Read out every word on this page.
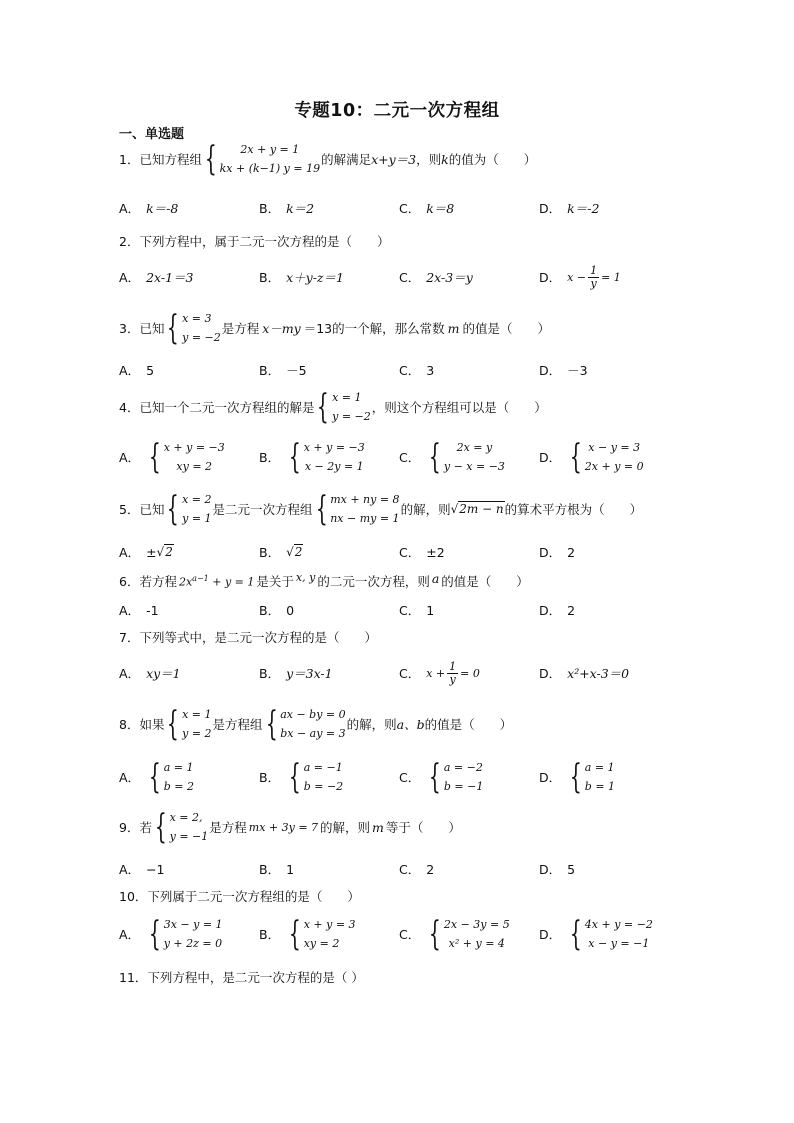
专题10：二元一次方程组
一、单选题
1． 已知方程组 {	2x + y = 1
kx + (k−1) y = 19
的解满足 x+y＝3 ，则 k 的值为（　　）
A． k＝-8	B． k＝2	C． k＝8	D． k＝-2
2． 下列方程中，属于二元一次方程的是（　　）
A． 2x-1＝3	B． x＋y-z＝1	C． 2x-3＝y	D． $x - \frac{1}{y} = 1$
3． 已知 { x = 3
y = −2
是方程 x－my ＝13的一个解，那么常数 m 的值是（　　）
A． 5	B． －5	C． 3	D． －3
4． 已知一个二元一次方程组的解是 { x = 1
y = −2
，则这个方程组可以是（　　）
A． { x + y = −3
xy = 2
B． { x + y = −3
x − 2y = 1
C． {	2x = y
y − x = −3
D． { x − y = 3
2x + y = 0
5． 已知 { x = 2
y = 1
是二元一次方程组 { mx + ny = 8
nx − my = 1
的解，则 √2m − n 的算术平方根为（　　）
A． ± √2	B． √2	C． ±2	D． 2
6． 若方程 $2x^{a-1} + y = 1$ 是关于 x, y 的二元一次方程，则 a 的值是（　　）
A． -1	B． 0	C． 1	D． 2
7． 下列等式中，是二元一次方程的是（　　）
A． xy＝1	B． y＝3x-1	C． $x + \frac{1}{y} = 0$	D． x²+x-3＝0
8． 如果 { x = 1
y = 2
是方程组 { ax − by = 0
bx − ay = 3
的解，则 a、b 的值是（　　）
A． { a = 1
b = 2
B． { a = −1
b = −2
C． { a = −2
b = −1
D． { a = 1
b = 1
9． 若 { x = 2,
y = −1
是方程 mx + 3y = 7 的解，则 m 等于（　　）
A． −1	B． 1	C． 2	D． 5
10． 下列属于二元一次方程组的是（　　）
A． { 3x − y = 1
y + 2z = 0
B． { x + y = 3
xy = 2
C． { 2x − 3y = 5
x² + y = 4
D． { 4x + y = −2
x − y = −1
11． 下列方程中，是二元一次方程的是（ ）
